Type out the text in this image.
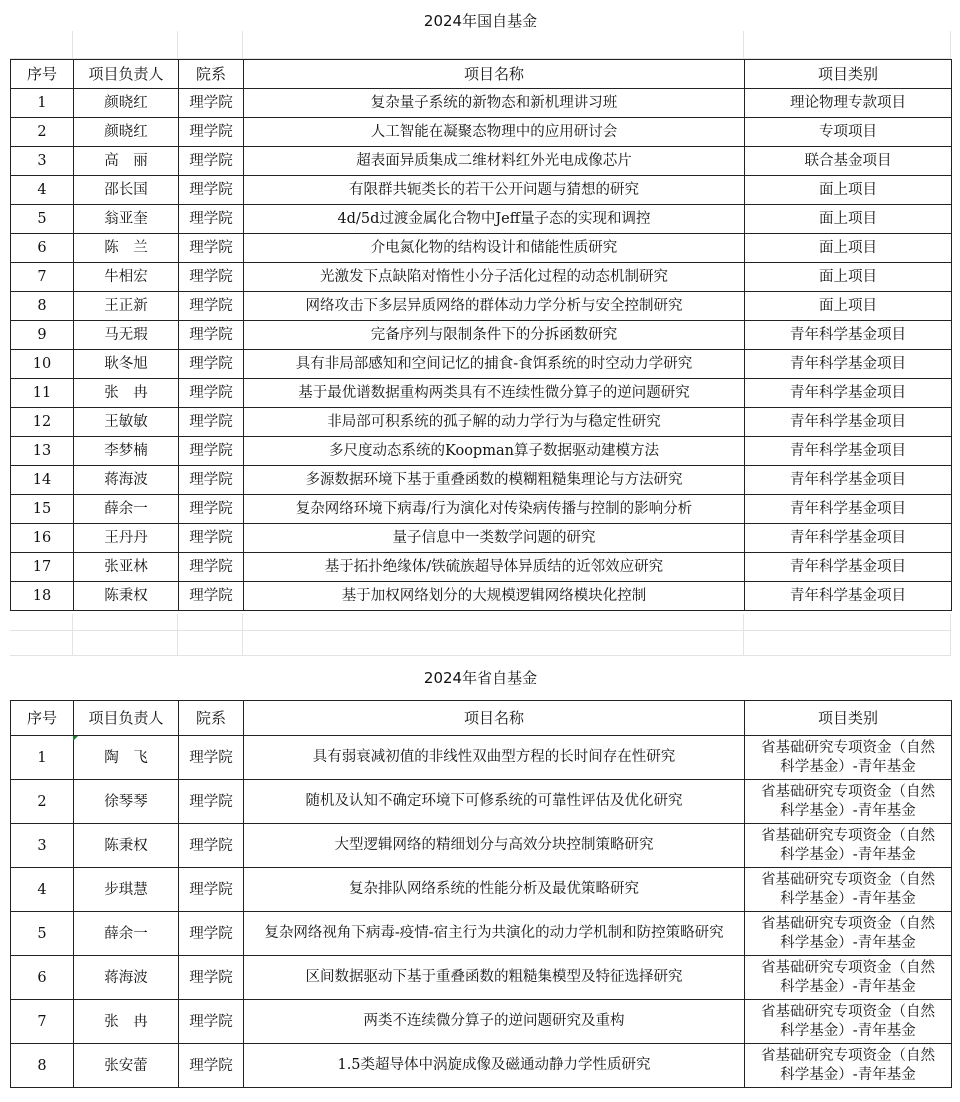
2024年国自基金
序号	项目负责人	院系	项目名称	项目类别
1	颜晓红	理学院	复杂量子系统的新物态和新机理讲习班	理论物理专款项目
2	颜晓红	理学院	人工智能在凝聚态物理中的应用研讨会	专项项目
3	高　丽	理学院	超表面异质集成二维材料红外光电成像芯片	联合基金项目
4	邵长国	理学院	有限群共轭类长的若干公开问题与猜想的研究	面上项目
5	翁亚奎	理学院	4d/5d过渡金属化合物中Jeff量子态的实现和调控	面上项目
6	陈　兰	理学院	介电氮化物的结构设计和储能性质研究	面上项目
7	牛相宏	理学院	光激发下点缺陷对惰性小分子活化过程的动态机制研究	面上项目
8	王正新	理学院	网络攻击下多层异质网络的群体动力学分析与安全控制研究	面上项目
9	马无瑕	理学院	完备序列与限制条件下的分拆函数研究	青年科学基金项目
10	耿冬旭	理学院	具有非局部感知和空间记忆的捕食-食饵系统的时空动力学研究	青年科学基金项目
11	张　冉	理学院	基于最优谱数据重构两类具有不连续性微分算子的逆问题研究	青年科学基金项目
12	王敏敏	理学院	非局部可积系统的孤子解的动力学行为与稳定性研究	青年科学基金项目
13	李梦楠	理学院	多尺度动态系统的Koopman算子数据驱动建模方法	青年科学基金项目
14	蒋海波	理学院	多源数据环境下基于重叠函数的模糊粗糙集理论与方法研究	青年科学基金项目
15	薛余一	理学院	复杂网络环境下病毒/行为演化对传染病传播与控制的影响分析	青年科学基金项目
16	王丹丹	理学院	量子信息中一类数学问题的研究	青年科学基金项目
17	张亚林	理学院	基于拓扑绝缘体/铁硫族超导体异质结的近邻效应研究	青年科学基金项目
18	陈秉权	理学院	基于加权网络划分的大规模逻辑网络模块化控制	青年科学基金项目
2024年省自基金
序号	项目负责人	院系	项目名称	项目类别
1	陶　飞	理学院	具有弱衰减初值的非线性双曲型方程的长时间存在性研究	省基础研究专项资金（自然
科学基金）-青年基金

2	徐琴琴	理学院	随机及认知不确定环境下可修系统的可靠性评估及优化研究	省基础研究专项资金（自然
科学基金）-青年基金

3	陈秉权	理学院	大型逻辑网络的精细划分与高效分块控制策略研究	省基础研究专项资金（自然
科学基金）-青年基金

4	步琪慧	理学院	复杂排队网络系统的性能分析及最优策略研究	省基础研究专项资金（自然
科学基金）-青年基金

5	薛余一	理学院	复杂网络视角下病毒-疫情-宿主行为共演化的动力学机制和防控策略研究	省基础研究专项资金（自然
科学基金）-青年基金

6	蒋海波	理学院	区间数据驱动下基于重叠函数的粗糙集模型及特征选择研究	省基础研究专项资金（自然
科学基金）-青年基金

7	张　冉	理学院	两类不连续微分算子的逆问题研究及重构	省基础研究专项资金（自然
科学基金）-青年基金

8	张安蕾	理学院	1.5类超导体中涡旋成像及磁通动静力学性质研究	省基础研究专项资金（自然
科学基金）-青年基金
